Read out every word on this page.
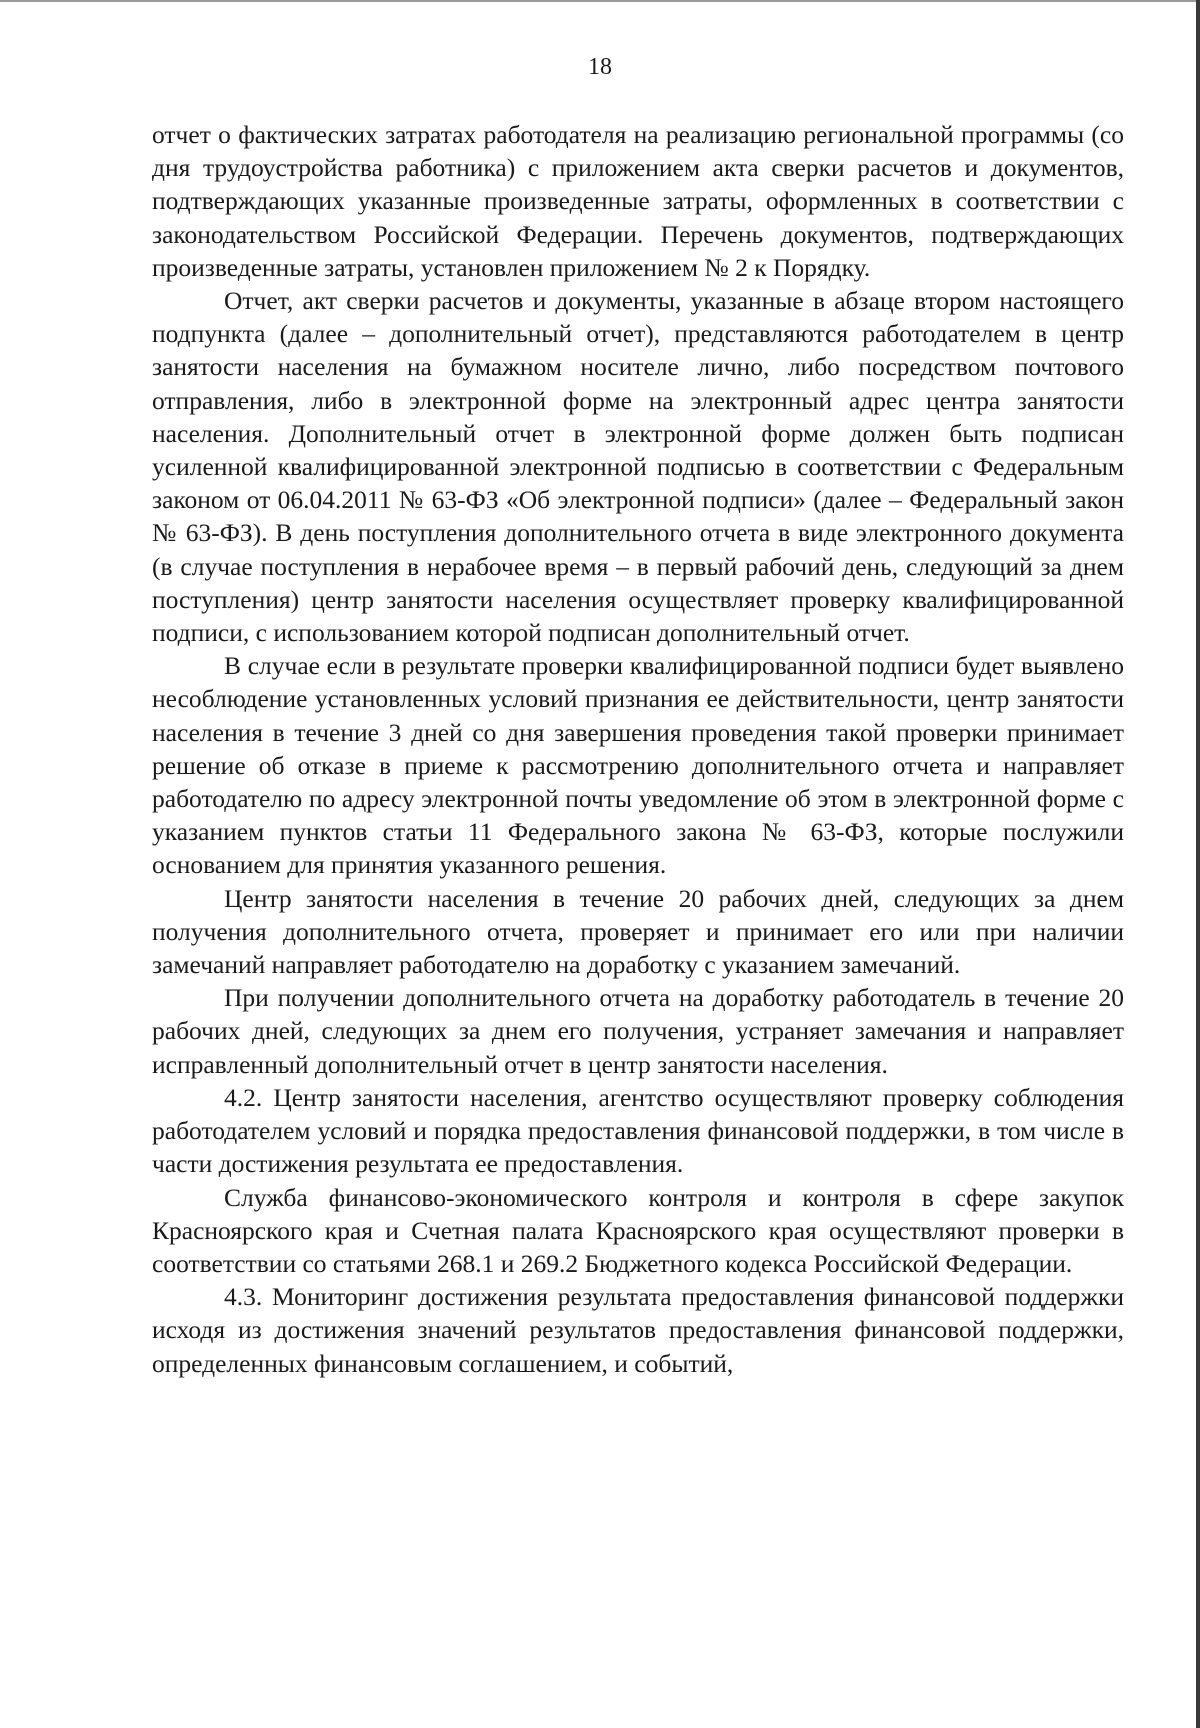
18

отчет о фактических затратах работодателя на реализацию региональной программы (со дня трудоустройства работника) с приложением акта сверки расчетов и документов, подтверждающих указанные произведенные затраты, оформленных в соответствии с законодательством Российской Федерации. Перечень документов, подтверждающих произведенные затраты, установлен приложением № 2 к Порядку.

Отчет, акт сверки расчетов и документы, указанные в абзаце втором настоящего подпункта (далее – дополнительный отчет), представляются работодателем в центр занятости населения на бумажном носителе лично, либо посредством почтового отправления, либо в электронной форме на электронный адрес центра занятости населения. Дополнительный отчет в электронной форме должен быть подписан усиленной квалифицированной электронной подписью в соответствии с Федеральным законом от 06.04.2011 № 63-ФЗ «Об электронной подписи» (далее – Федеральный закон № 63-ФЗ). В день поступления дополнительного отчета в виде электронного документа (в случае поступления в нерабочее время – в первый рабочий день, следующий за днем поступления) центр занятости населения осуществляет проверку квалифицированной подписи, с использованием которой подписан дополнительный отчет.

В случае если в результате проверки квалифицированной подписи будет выявлено несоблюдение установленных условий признания ее действительности, центр занятости населения в течение 3 дней со дня завершения проведения такой проверки принимает решение об отказе в приеме к рассмотрению дополнительного отчета и направляет работодателю по адресу электронной почты уведомление об этом в электронной форме с указанием пунктов статьи 11 Федерального закона № 63-ФЗ, которые послужили основанием для принятия указанного решения.

Центр занятости населения в течение 20 рабочих дней, следующих за днем получения дополнительного отчета, проверяет и принимает его или при наличии замечаний направляет работодателю на доработку с указанием замечаний.

При получении дополнительного отчета на доработку работодатель в течение 20 рабочих дней, следующих за днем его получения, устраняет замечания и направляет исправленный дополнительный отчет в центр занятости населения.

4.2. Центр занятости населения, агентство осуществляют проверку соблюдения работодателем условий и порядка предоставления финансовой поддержки, в том числе в части достижения результата ее предоставления.

Служба финансово-экономического контроля и контроля в сфере закупок Красноярского края и Счетная палата Красноярского края осуществляют проверки в соответствии со статьями 268.1 и 269.2 Бюджетного кодекса Российской Федерации.

4.3. Мониторинг достижения результата предоставления финансовой поддержки исходя из достижения значений результатов предоставления финансовой поддержки, определенных финансовым соглашением, и событий,
